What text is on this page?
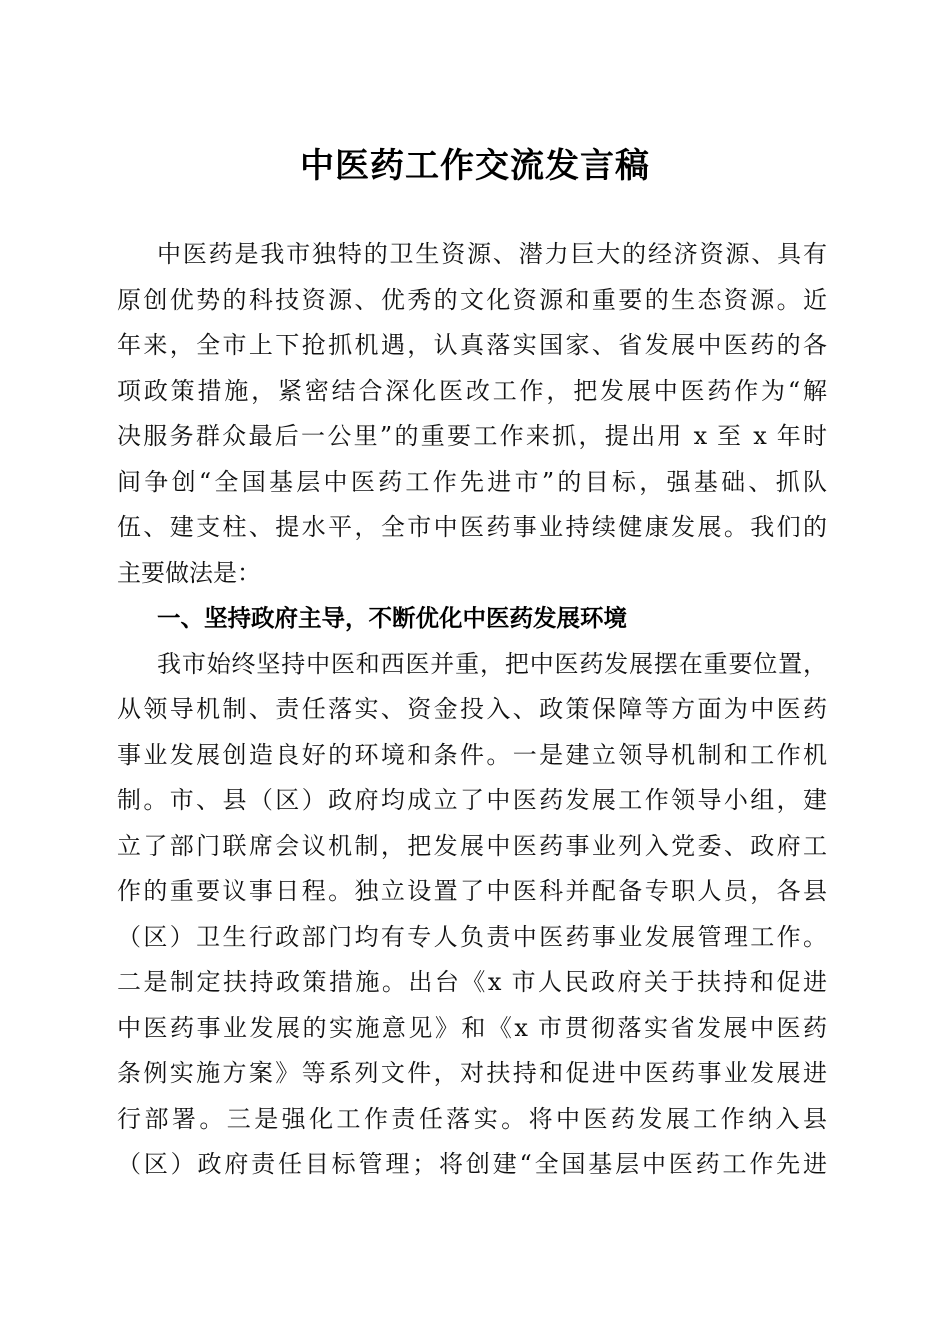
中医药工作交流发言稿
中医药是我市独特的卫生资源、潜力巨大的经济资源、具有
原创优势的科技资源、优秀的文化资源和重要的生态资源。近
年来，全市上下抢抓机遇，认真落实国家、省发展中医药的各
项政策措施，紧密结合深化医改工作，把发展中医药作为“解
决服务群众最后一公里”的重要工作来抓，提出用 x 至 x 年时
间争创“全国基层中医药工作先进市”的目标，强基础、抓队
伍、建支柱、提水平，全市中医药事业持续健康发展。我们的
主要做法是：
一、坚持政府主导，不断优化中医药发展环境
我市始终坚持中医和西医并重，把中医药发展摆在重要位置，
从领导机制、责任落实、资金投入、政策保障等方面为中医药
事业发展创造良好的环境和条件。一是建立领导机制和工作机
制。市、县（区）政府均成立了中医药发展工作领导小组，建
立了部门联席会议机制，把发展中医药事业列入党委、政府工
作的重要议事日程。独立设置了中医科并配备专职人员，各县
（区）卫生行政部门均有专人负责中医药事业发展管理工作。
二是制定扶持政策措施。出台《x 市人民政府关于扶持和促进
中医药事业发展的实施意见》和《x 市贯彻落实省发展中医药
条例实施方案》等系列文件，对扶持和促进中医药事业发展进
行部署。三是强化工作责任落实。将中医药发展工作纳入县
（区）政府责任目标管理；将创建“全国基层中医药工作先进
